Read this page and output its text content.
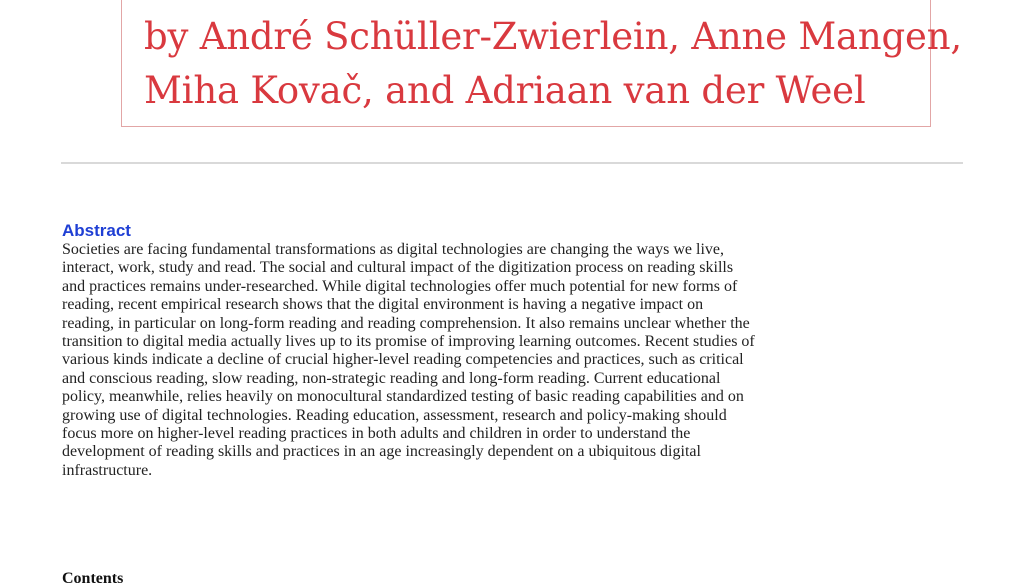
by André Schüller-Zwierlein, Anne Mangen,
Miha Kovač, and Adriaan van der Weel
Abstract
Societies are facing fundamental transformations as digital technologies are changing the ways we live,
interact, work, study and read. The social and cultural impact of the digitization process on reading skills
and practices remains under-researched. While digital technologies offer much potential for new forms of
reading, recent empirical research shows that the digital environment is having a negative impact on
reading, in particular on long-form reading and reading comprehension. It also remains unclear whether the
transition to digital media actually lives up to its promise of improving learning outcomes. Recent studies of
various kinds indicate a decline of crucial higher-level reading competencies and practices, such as critical
and conscious reading, slow reading, non-strategic reading and long-form reading. Current educational
policy, meanwhile, relies heavily on monocultural standardized testing of basic reading capabilities and on
growing use of digital technologies. Reading education, assessment, research and policy-making should
focus more on higher-level reading practices in both adults and children in order to understand the
development of reading skills and practices in an age increasingly dependent on a ubiquitous digital
infrastructure.
Contents
